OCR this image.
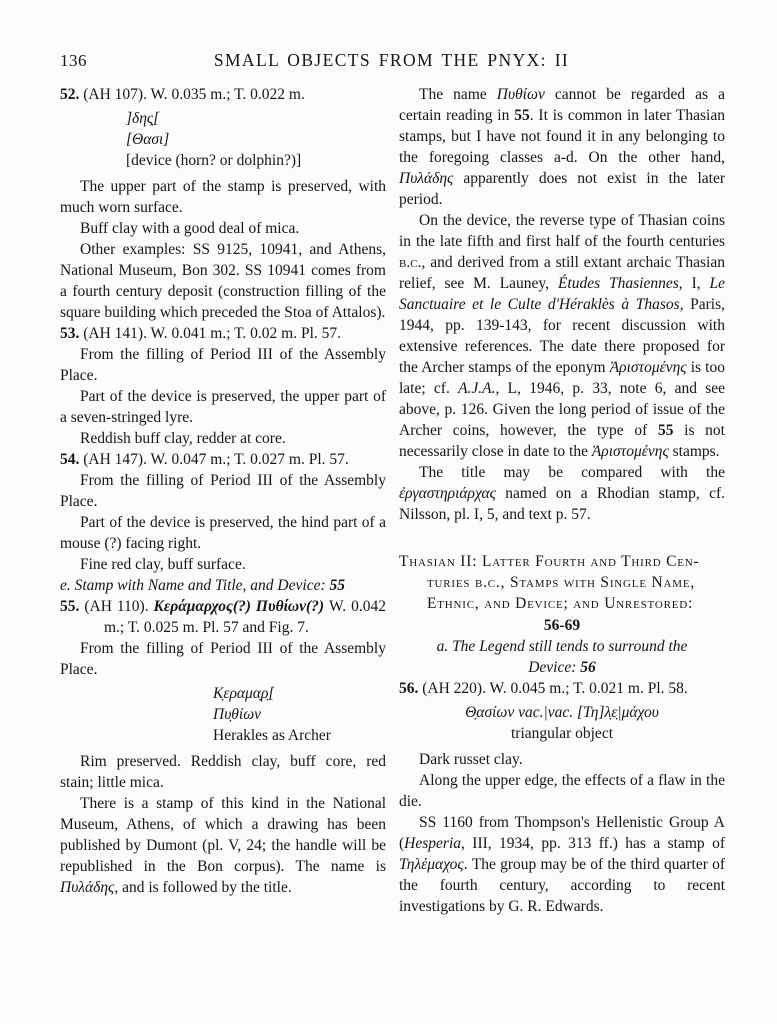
136	SMALL OBJECTS FROM THE PNYX: II

52. (AH 107). W. 0.035 m.; T. 0.022 m.

]δης̣[
[Θασι]
[device (horn? or dolphin?)]

The upper part of the stamp is preserved, with much worn surface.

Buff clay with a good deal of mica.

Other examples: SS 9125, 10941, and Athens, National Museum, Bon 302. SS 10941 comes from a fourth century deposit (construction filling of the square building which preceded the Stoa of Attalos).

53. (AH 141). W. 0.041 m.; T. 0.02 m. Pl. 57.

From the filling of Period III of the Assembly Place.

Part of the device is preserved, the upper part of a seven-stringed lyre.

Reddish buff clay, redder at core.

54. (AH 147). W. 0.047 m.; T. 0.027 m. Pl. 57.

From the filling of Period III of the Assembly Place.

Part of the device is preserved, the hind part of a mouse (?) facing right.

Fine red clay, buff surface.

e. Stamp with Name and Title, and Device: 55

55. (AH 110). Κεράμαρχος(?) Πυθίων(?) W. 0.042 m.; T. 0.025 m. Pl. 57 and Fig. 7.

From the filling of Period III of the Assembly Place.

Κ̣εραμα̣ρ̣[
Πυ̣θίων
Herakles as Archer

Rim preserved. Reddish clay, buff core, red stain; little mica.

There is a stamp of this kind in the National Museum, Athens, of which a drawing has been published by Dumont (pl. V, 24; the handle will be republished in the Bon corpus). The name is Πυλάδης, and is followed by the title.

The name Πυθίων cannot be regarded as a certain reading in 55. It is common in later Thasian stamps, but I have not found it in any belonging to the foregoing classes a-d. On the other hand, Πυλάδης apparently does not exist in the later period.

On the device, the reverse type of Thasian coins in the late fifth and first half of the fourth centuries b.c., and derived from a still extant archaic Thasian relief, see M. Launey, Études Thasiennes, I, Le Sanctuaire et le Culte d'Héraklès à Thasos, Paris, 1944, pp. 139-143, for recent discussion with extensive references. The date there proposed for the Archer stamps of the eponym Ἀριστομένης is too late; cf. A.J.A., L, 1946, p. 33, note 6, and see above, p. 126. Given the long period of issue of the Archer coins, however, the type of 55 is not necessarily close in date to the Ἀριστομένης stamps.

The title may be compared with the ἐργαστηριάρχας named on a Rhodian stamp, cf. Nilsson, pl. I, 5, and text p. 57.

Thasian II: Latter Fourth and Third Cen-
turies b.c., Stamps with Single Name,
Ethnic, and Device; and Unrestored:
56-69

a. The Legend still tends to surround the Device: 56

56. (AH 220). W. 0.045 m.; T. 0.021 m. Pl. 58.

Θ̣ασίων vac.|vac. [Τη]λ̣ε̣|μάχου
triangular object

Dark russet clay.

Along the upper edge, the effects of a flaw in the die.

SS 1160 from Thompson's Hellenistic Group A (Hesperia, III, 1934, pp. 313 ff.) has a stamp of Τηλέμαχος. The group may be of the third quarter of the fourth century, according to recent investigations by G. R. Edwards.
